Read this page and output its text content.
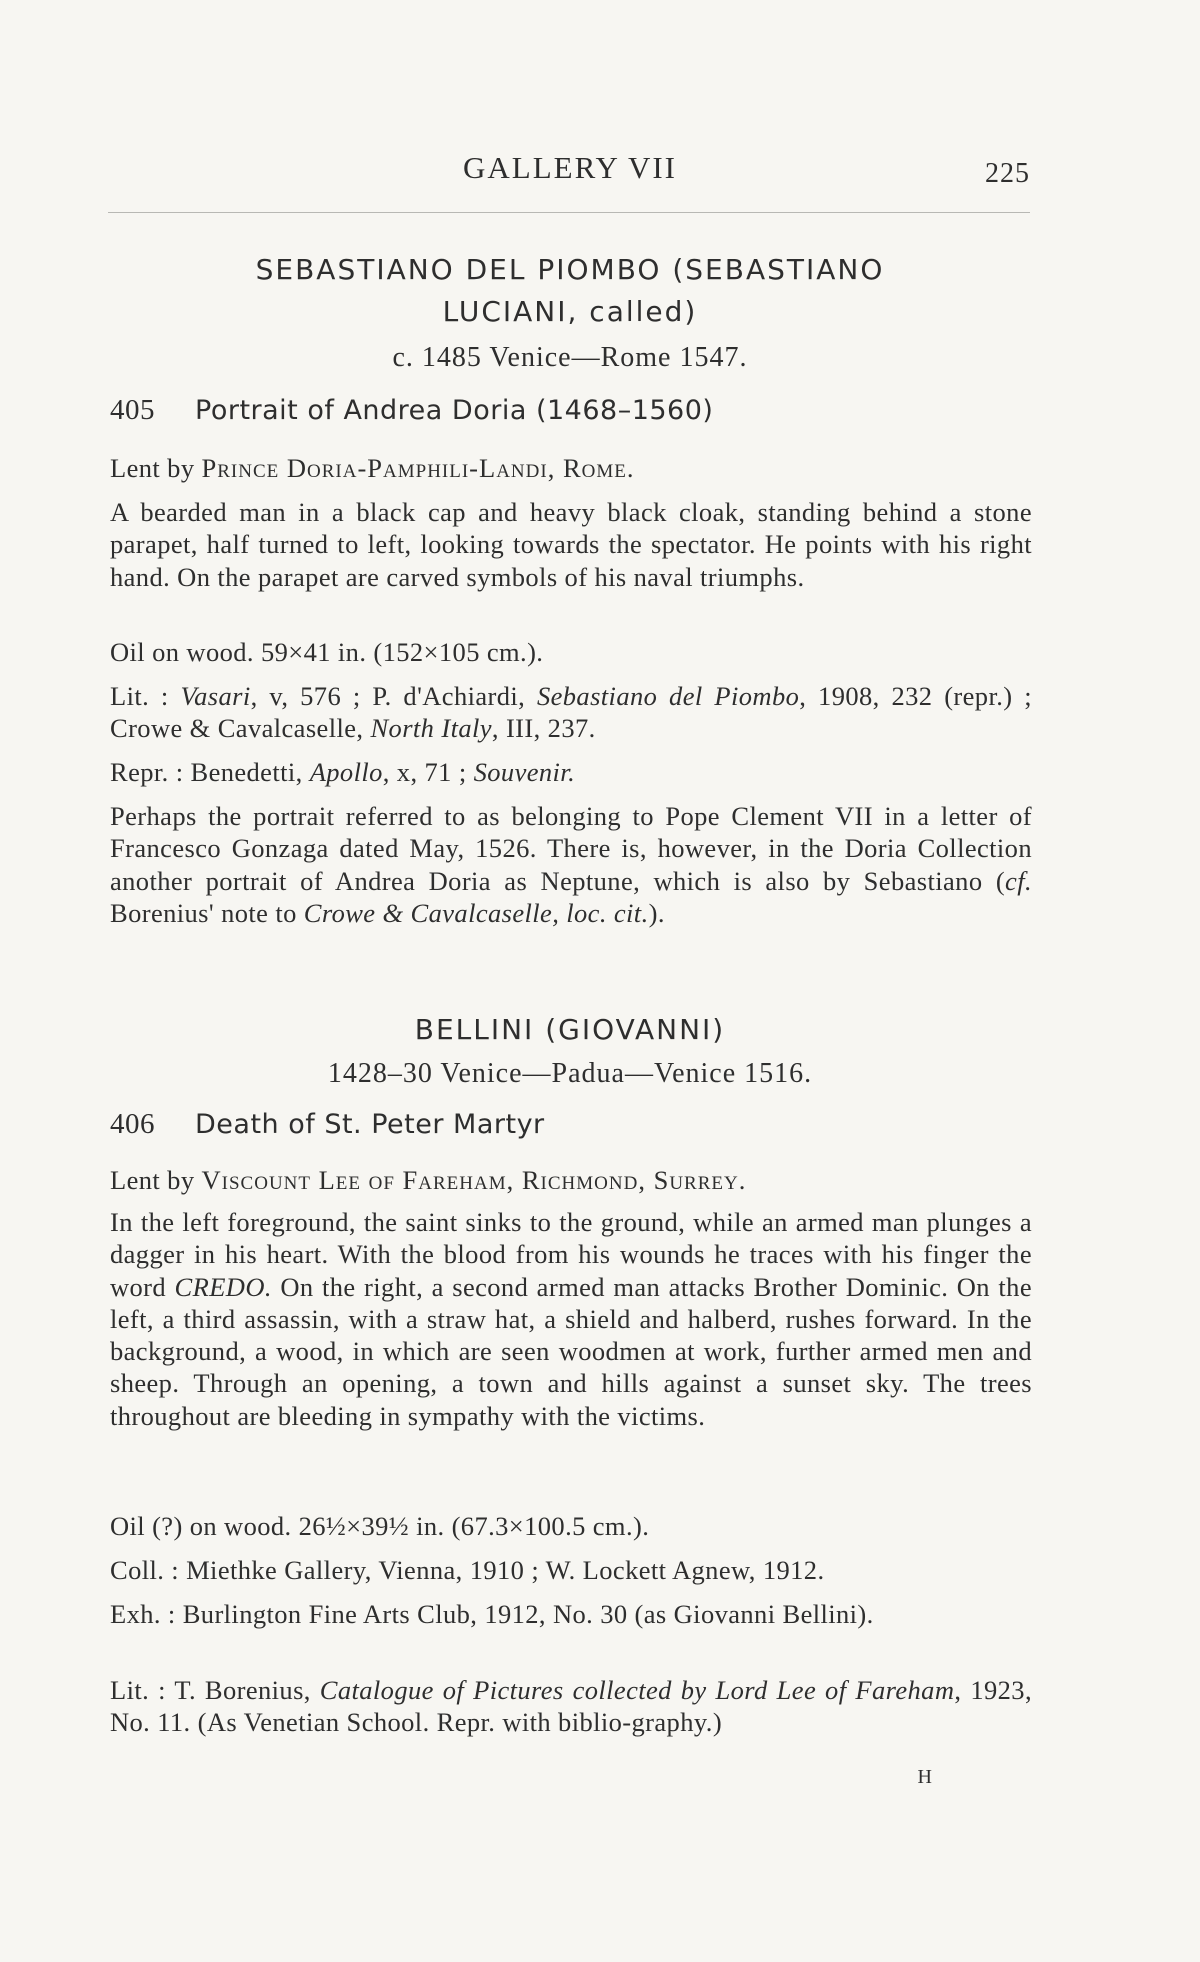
GALLERY VII	225
SEBASTIANO DEL PIOMBO (SEBASTIANO
LUCIANI, called)
c. 1485 Venice—Rome 1547.
405 Portrait of Andrea Doria (1468–1560)
Lent by Prince Doria-Pamphili-Landi, Rome.
A bearded man in a black cap and heavy black cloak, standing behind a stone parapet, half turned to left, looking towards the spectator. He points with his right hand. On the parapet are carved symbols of his naval triumphs.
Oil on wood. 59×41 in. (152×105 cm.).
Lit. : Vasari, v, 576 ; P. d'Achiardi, Sebastiano del Piombo, 1908, 232 (repr.) ; Crowe & Cavalcaselle, North Italy, III, 237.
Repr. : Benedetti, Apollo, x, 71 ; Souvenir.
Perhaps the portrait referred to as belonging to Pope Clement VII in a letter of Francesco Gonzaga dated May, 1526. There is, however, in the Doria Collection another portrait of Andrea Doria as Neptune, which is also by Sebastiano (cf. Borenius' note to Crowe & Cavalcaselle, loc. cit.).
BELLINI (GIOVANNI)
1428–30 Venice—Padua—Venice 1516.
406 Death of St. Peter Martyr
Lent by Viscount Lee of Fareham, Richmond, Surrey.
In the left foreground, the saint sinks to the ground, while an armed man plunges a dagger in his heart. With the blood from his wounds he traces with his finger the word CREDO. On the right, a second armed man attacks Brother Dominic. On the left, a third assassin, with a straw hat, a shield and halberd, rushes forward. In the background, a wood, in which are seen woodmen at work, further armed men and sheep. Through an opening, a town and hills against a sunset sky. The trees throughout are bleeding in sympathy with the victims.
Oil (?) on wood. 26½×39½ in. (67.3×100.5 cm.).
Coll. : Miethke Gallery, Vienna, 1910 ; W. Lockett Agnew, 1912.
Exh. : Burlington Fine Arts Club, 1912, No. 30 (as Giovanni Bellini).
Lit. : T. Borenius, Catalogue of Pictures collected by Lord Lee of Fareham, 1923, No. 11. (As Venetian School. Repr. with biblio-graphy.)
H
